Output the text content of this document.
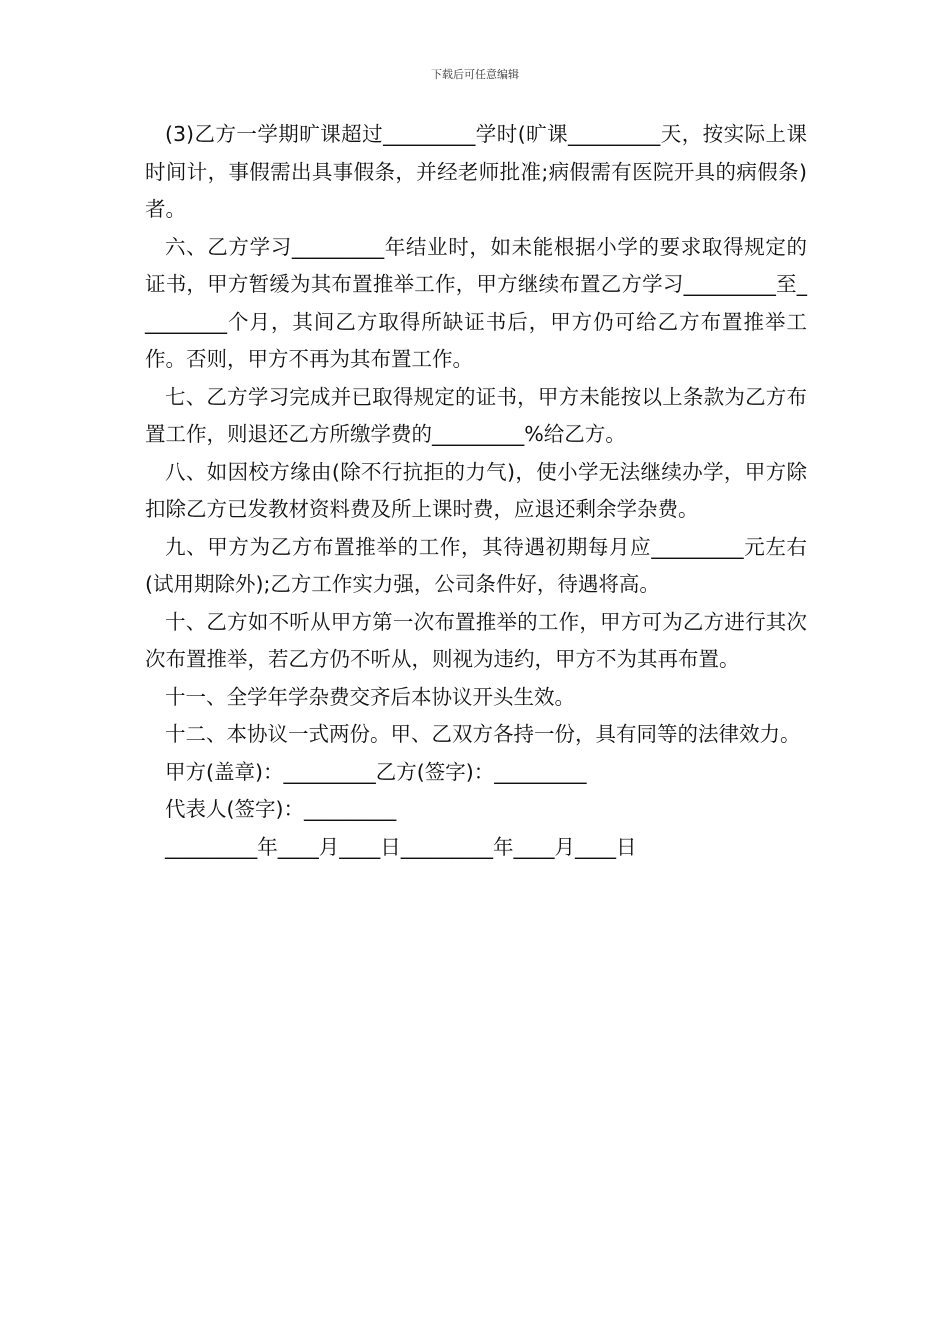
下载后可任意编辑

(3)乙方一学期旷课超过_________学时(旷课_________天，按实际上课时间计，事假需出具事假条，并经老师批准;病假需有医院开具的病假条)者。

六、乙方学习_________年结业时，如未能根据小学的要求取得规定的证书，甲方暂缓为其布置推举工作，甲方继续布置乙方学习_________至_________个月，其间乙方取得所缺证书后，甲方仍可给乙方布置推举工作。否则，甲方不再为其布置工作。

七、乙方学习完成并已取得规定的证书，甲方未能按以上条款为乙方布置工作，则退还乙方所缴学费的_________%给乙方。

八、如因校方缘由(除不行抗拒的力气)，使小学无法继续办学，甲方除扣除乙方已发教材资料费及所上课时费，应退还剩余学杂费。

九、甲方为乙方布置推举的工作，其待遇初期每月应_________元左右(试用期除外);乙方工作实力强，公司条件好，待遇将高。

十、乙方如不听从甲方第一次布置推举的工作，甲方可为乙方进行其次次布置推举，若乙方仍不听从，则视为违约，甲方不为其再布置。

十一、全学年学杂费交齐后本协议开头生效。

十二、本协议一式两份。甲、乙双方各持一份，具有同等的法律效力。

甲方(盖章)：_________乙方(签字)：_________

代表人(签字)：_________

_________年____月____日_________年____月____日
